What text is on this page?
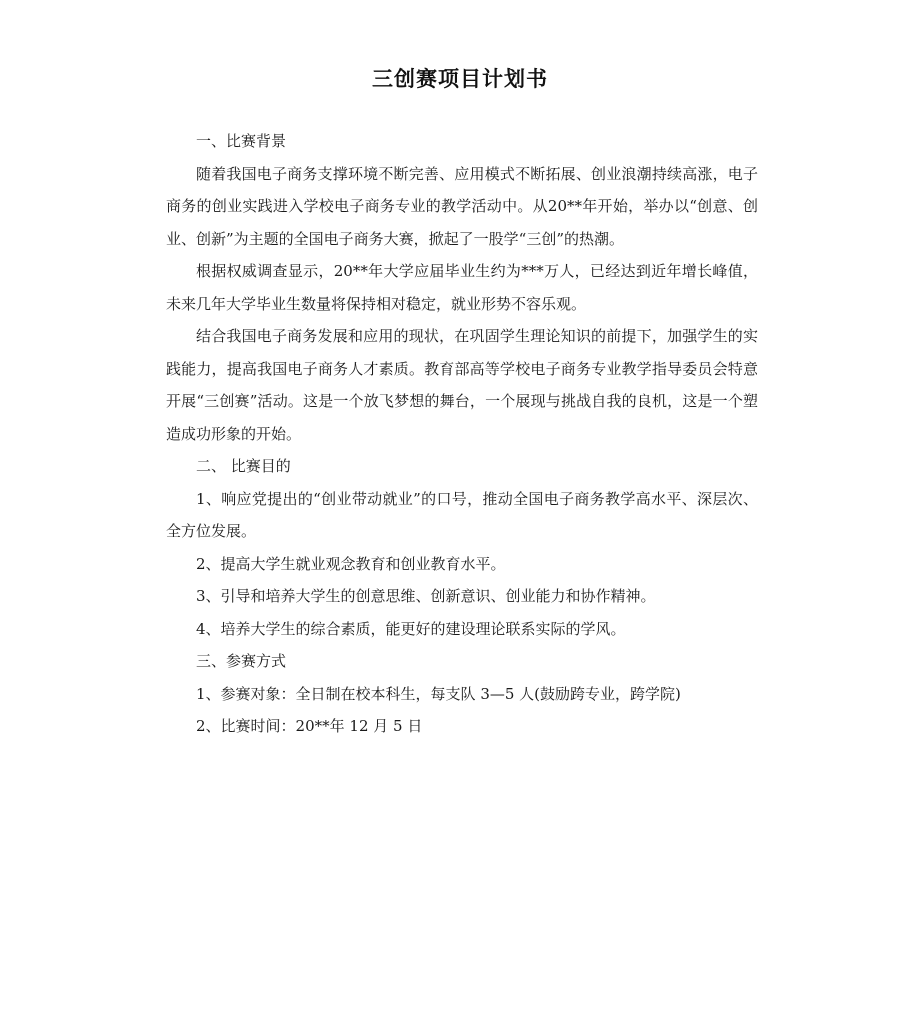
三创赛项目计划书

一、比赛背景

随着我国电子商务支撑环境不断完善、应用模式不断拓展、创业浪潮持续高涨，电子商务的创业实践进入学校电子商务专业的教学活动中。从20**年开始，举办以“创意、创业、创新”为主题的全国电子商务大赛，掀起了一股学“三创”的热潮。

根据权威调查显示，20**年大学应届毕业生约为***万人，已经达到近年增长峰值，未来几年大学毕业生数量将保持相对稳定，就业形势不容乐观。

结合我国电子商务发展和应用的现状，在巩固学生理论知识的前提下，加强学生的实践能力，提高我国电子商务人才素质。教育部高等学校电子商务专业教学指导委员会特意开展“三创赛”活动。这是一个放飞梦想的舞台，一个展现与挑战自我的良机，这是一个塑造成功形象的开始。

二、 比赛目的

1、响应党提出的“创业带动就业”的口号，推动全国电子商务教学高水平、深层次、全方位发展。

2、提高大学生就业观念教育和创业教育水平。

3、引导和培养大学生的创意思维、创新意识、创业能力和协作精神。

4、培养大学生的综合素质，能更好的建设理论联系实际的学风。

三、参赛方式

1、参赛对象：全日制在校本科生，每支队 3—5 人(鼓励跨专业，跨学院)

2、比赛时间：20**年 12 月 5 日
